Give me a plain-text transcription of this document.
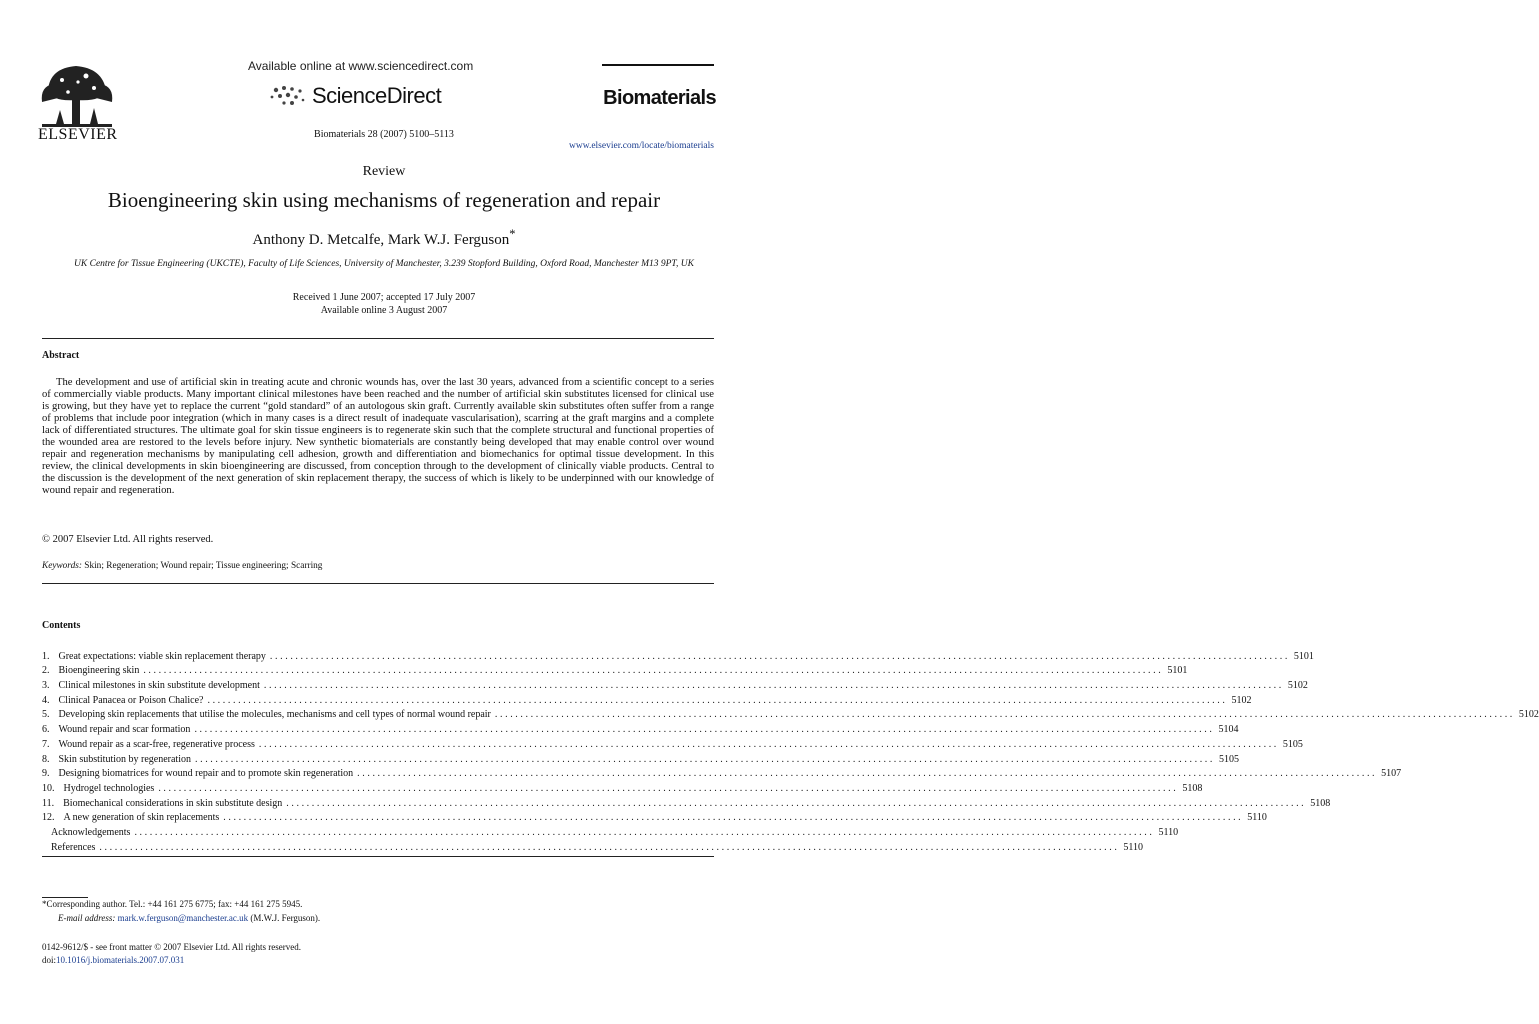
ELSEVIER
Available online at www.sciencedirect.com
ScienceDirect
Biomaterials 28 (2007) 5100–5113
Biomaterials
www.elsevier.com/locate/biomaterials
Review
Bioengineering skin using mechanisms of regeneration and repair
Anthony D. Metcalfe, Mark W.J. Ferguson*
UK Centre for Tissue Engineering (UKCTE), Faculty of Life Sciences, University of Manchester, 3.239 Stopford Building, Oxford Road, Manchester M13 9PT, UK
Received 1 June 2007; accepted 17 July 2007
Available online 3 August 2007
Abstract
The development and use of artificial skin in treating acute and chronic wounds has, over the last 30 years, advanced from a scientific concept to a series of commercially viable products. Many important clinical milestones have been reached and the number of artificial skin substitutes licensed for clinical use is growing, but they have yet to replace the current “gold standard” of an autologous skin graft. Currently available skin substitutes often suffer from a range of problems that include poor integration (which in many cases is a direct result of inadequate vascularisation), scarring at the graft margins and a complete lack of differentiated structures. The ultimate goal for skin tissue engineers is to regenerate skin such that the complete structural and functional properties of the wounded area are restored to the levels before injury. New synthetic biomaterials are constantly being developed that may enable control over wound repair and regeneration mechanisms by manipulating cell adhesion, growth and differentiation and biomechanics for optimal tissue development. In this review, the clinical developments in skin bioengineering are discussed, from conception through to the development of clinically viable products. Central to the discussion is the development of the next generation of skin replacement therapy, the success of which is likely to be underpinned with our knowledge of wound repair and regeneration.
© 2007 Elsevier Ltd. All rights reserved.
Keywords: Skin; Regeneration; Wound repair; Tissue engineering; Scarring
Contents
1. Great expectations: viable skin replacement therapy ........................................................................................................................................................................................................ 5101
2. Bioengineering skin ........................................................................................................................................................................................................ 5101
3. Clinical milestones in skin substitute development ........................................................................................................................................................................................................ 5102
4. Clinical Panacea or Poison Chalice? ........................................................................................................................................................................................................ 5102
5. Developing skin replacements that utilise the molecules, mechanisms and cell types of normal wound repair ........................................................................................................................................................................................................ 5102
6. Wound repair and scar formation ........................................................................................................................................................................................................ 5104
7. Wound repair as a scar-free, regenerative process ........................................................................................................................................................................................................ 5105
8. Skin substitution by regeneration ........................................................................................................................................................................................................ 5105
9. Designing biomatrices for wound repair and to promote skin regeneration ........................................................................................................................................................................................................ 5107
10. Hydrogel technologies ........................................................................................................................................................................................................ 5108
11. Biomechanical considerations in skin substitute design ........................................................................................................................................................................................................ 5108
12. A new generation of skin replacements ........................................................................................................................................................................................................ 5110
Acknowledgements ........................................................................................................................................................................................................ 5110
References ........................................................................................................................................................................................................ 5110
*Corresponding author. Tel.: +44 161 275 6775; fax: +44 161 275 5945.
E-mail address: mark.w.ferguson@manchester.ac.uk (M.W.J. Ferguson).
0142-9612/$ - see front matter © 2007 Elsevier Ltd. All rights reserved.
doi:10.1016/j.biomaterials.2007.07.031
